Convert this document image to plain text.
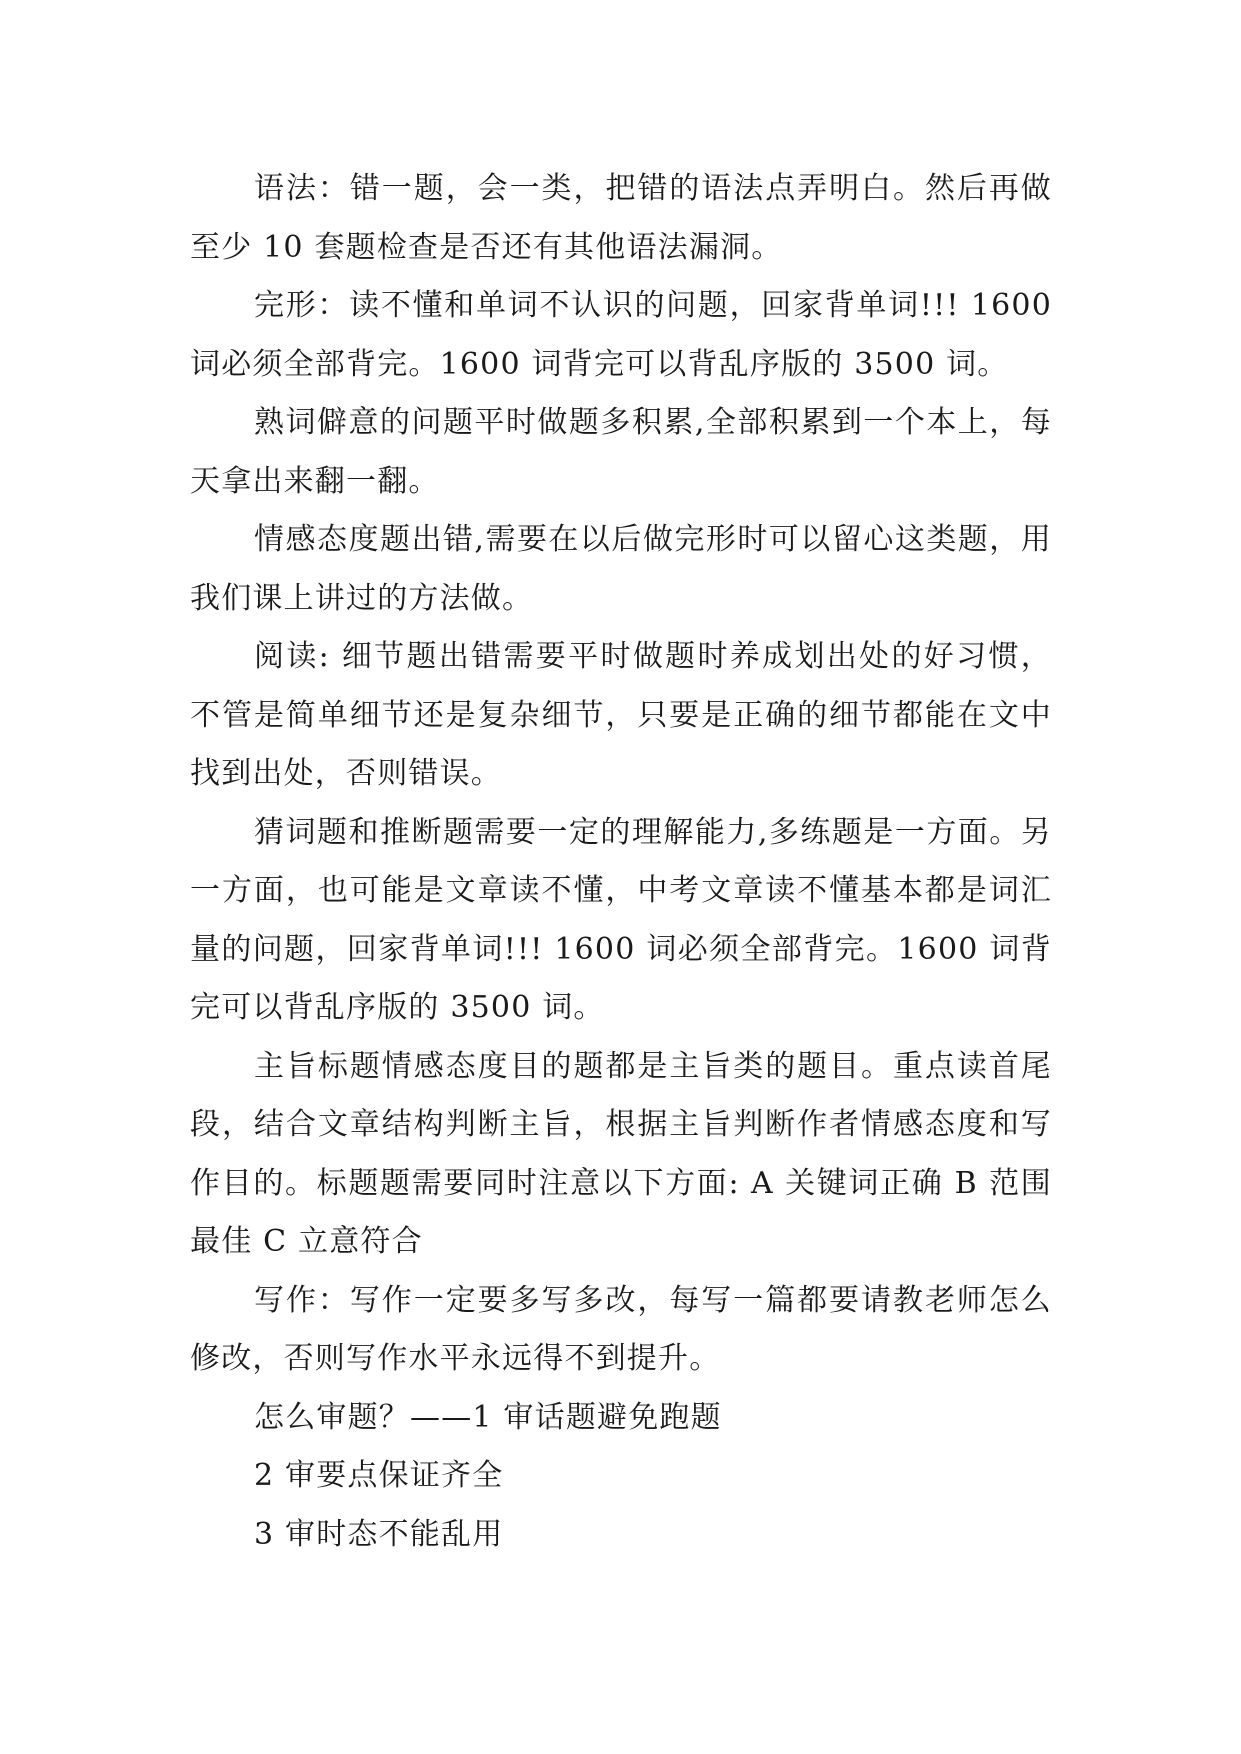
语法：错一题，会一类，把错的语法点弄明白。然后再做至少 10 套题检查是否还有其他语法漏洞。

完形：读不懂和单词不认识的问题，回家背单词!!! 1600 词必须全部背完。1600 词背完可以背乱序版的 3500 词。

熟词僻意的问题平时做题多积累,全部积累到一个本上，每天拿出来翻一翻。

情感态度题出错,需要在以后做完形时可以留心这类题，用我们课上讲过的方法做。

阅读: 细节题出错需要平时做题时养成划出处的好习惯，不管是简单细节还是复杂细节，只要是正确的细节都能在文中找到出处，否则错误。

猜词题和推断题需要一定的理解能力,多练题是一方面。另一方面，也可能是文章读不懂，中考文章读不懂基本都是词汇量的问题，回家背单词!!! 1600 词必须全部背完。1600 词背完可以背乱序版的 3500 词。

主旨标题情感态度目的题都是主旨类的题目。重点读首尾段，结合文章结构判断主旨，根据主旨判断作者情感态度和写作目的。标题题需要同时注意以下方面: A 关键词正确 B 范围最佳 C 立意符合

写作：写作一定要多写多改，每写一篇都要请教老师怎么修改，否则写作水平永远得不到提升。

怎么审题？——1 审话题避免跑题

2 审要点保证齐全

3 审时态不能乱用
